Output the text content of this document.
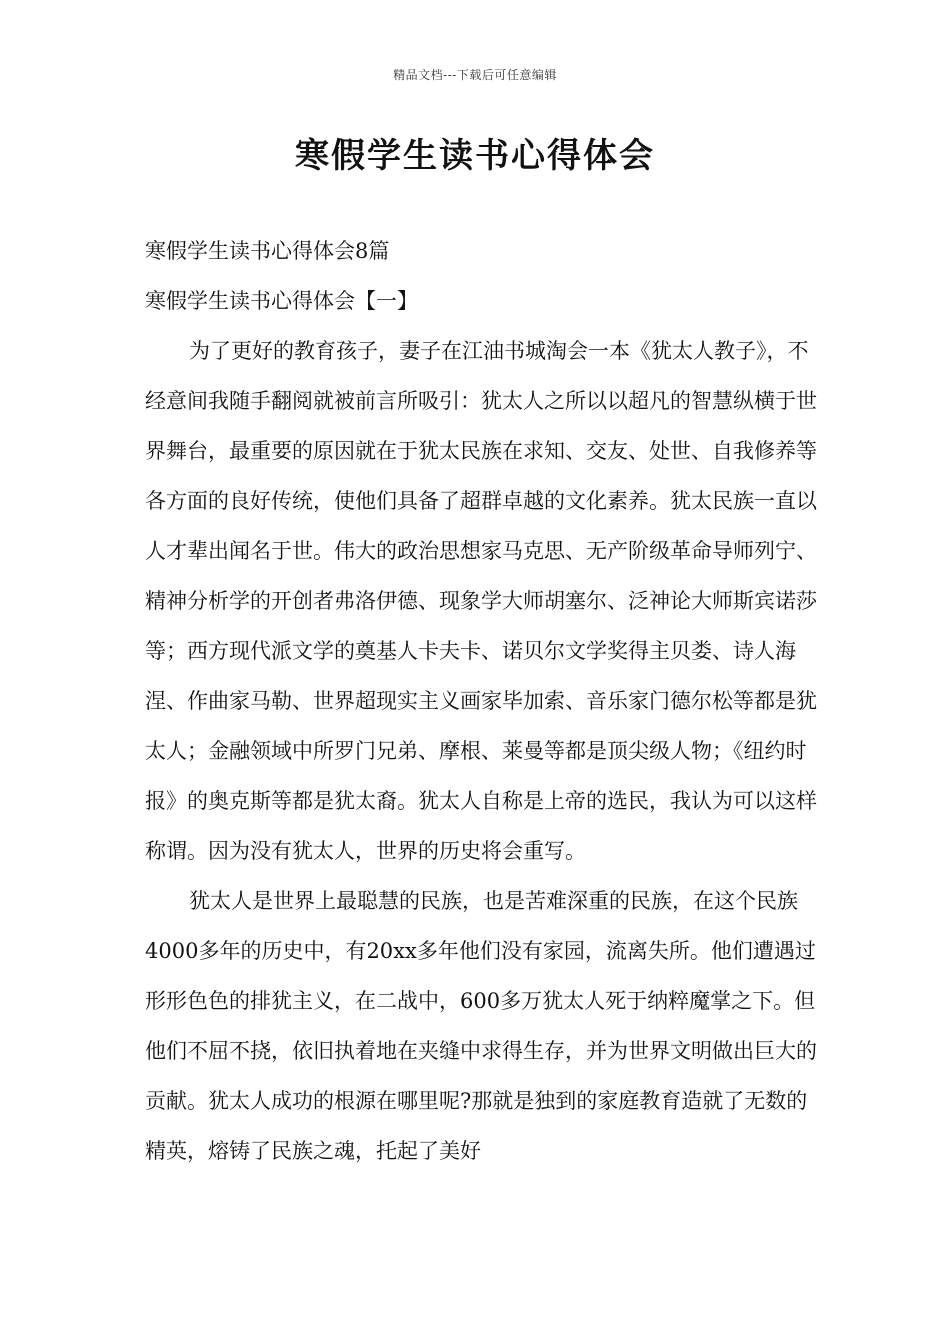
精品文档---下载后可任意编辑
寒假学生读书心得体会

寒假学生读书心得体会8篇

寒假学生读书心得体会【一】

为了更好的教育孩子，妻子在江油书城淘会一本《犹太人教子》，不经意间我随手翻阅就被前言所吸引：犹太人之所以以超凡的智慧纵横于世界舞台，最重要的原因就在于犹太民族在求知、交友、处世、自我修养等各方面的良好传统，使他们具备了超群卓越的文化素养。犹太民族一直以人才辈出闻名于世。伟大的政治思想家马克思、无产阶级革命导师列宁、精神分析学的开创者弗洛伊德、现象学大师胡塞尔、泛神论大师斯宾诺莎等；西方现代派文学的奠基人卡夫卡、诺贝尔文学奖得主贝娄、诗人海涅、作曲家马勒、世界超现实主义画家毕加索、音乐家门德尔松等都是犹太人；金融领域中所罗门兄弟、摩根、莱曼等都是顶尖级人物；《纽约时报》的奥克斯等都是犹太裔。犹太人自称是上帝的选民，我认为可以这样称谓。因为没有犹太人，世界的历史将会重写。

犹太人是世界上最聪慧的民族，也是苦难深重的民族，在这个民族4000多年的历史中，有20xx多年他们没有家园，流离失所。他们遭遇过形形色色的排犹主义，在二战中，600多万犹太人死于纳粹魔掌之下。但他们不屈不挠，依旧执着地在夹缝中求得生存，并为世界文明做出巨大的贡献。犹太人成功的根源在哪里呢?那就是独到的家庭教育造就了无数的精英，熔铸了民族之魂，托起了美好
